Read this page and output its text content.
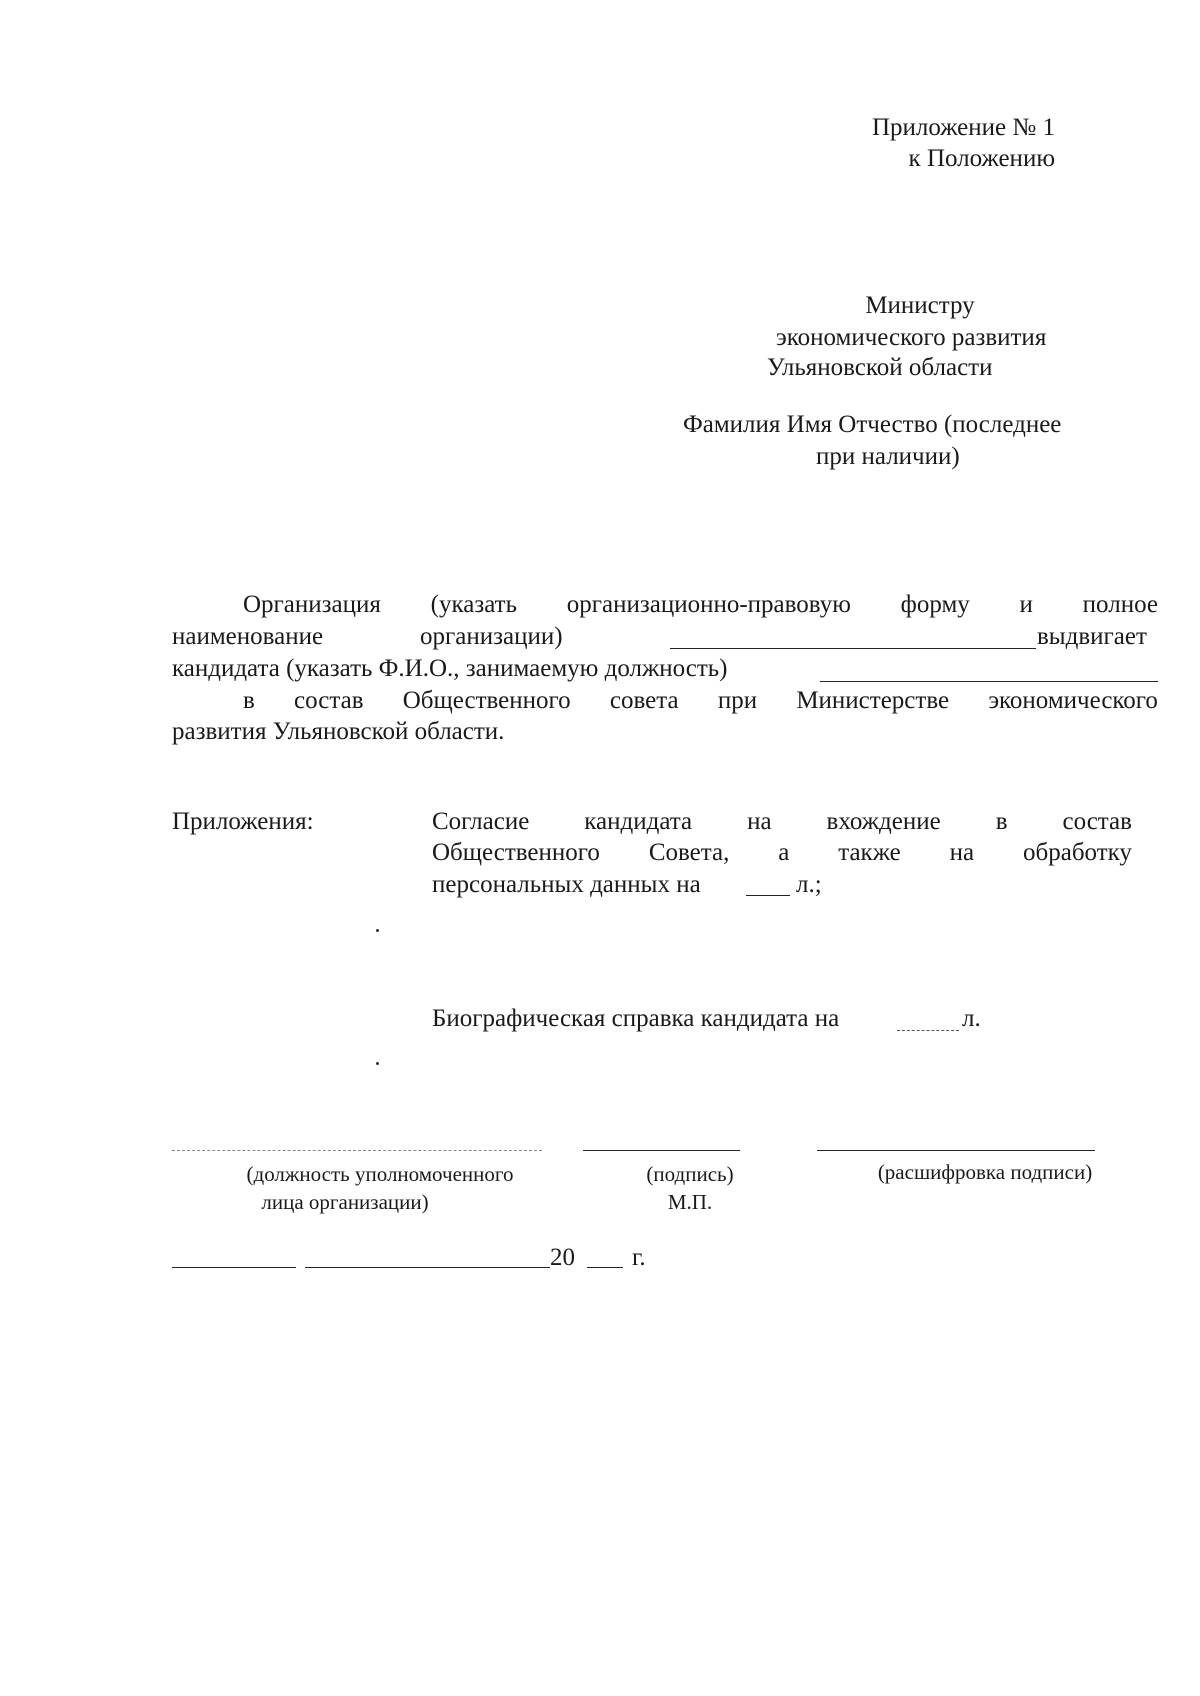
Приложение № 1
к Положению
Министру
экономического развития
Ульяновской области
Фамилия Имя Отчество (последнее
при наличии)
Организация (указать организационно-правовую форму и полное
наименование	организации)	выдвигает
кандидата (указать Ф.И.О., занимаемую должность)
в состав Общественного совета при Министерстве экономического
развития Ульяновской области.
Приложения:	Согласие кандидата на вхождение в состав
Общественного Совета, а также на обработку
персональных данных на	л.;
Биографическая справка кандидата на	л.
(должность уполномоченного
лица организации)
(подпись)
М.П.
(расшифровка подписи)
20 г.
